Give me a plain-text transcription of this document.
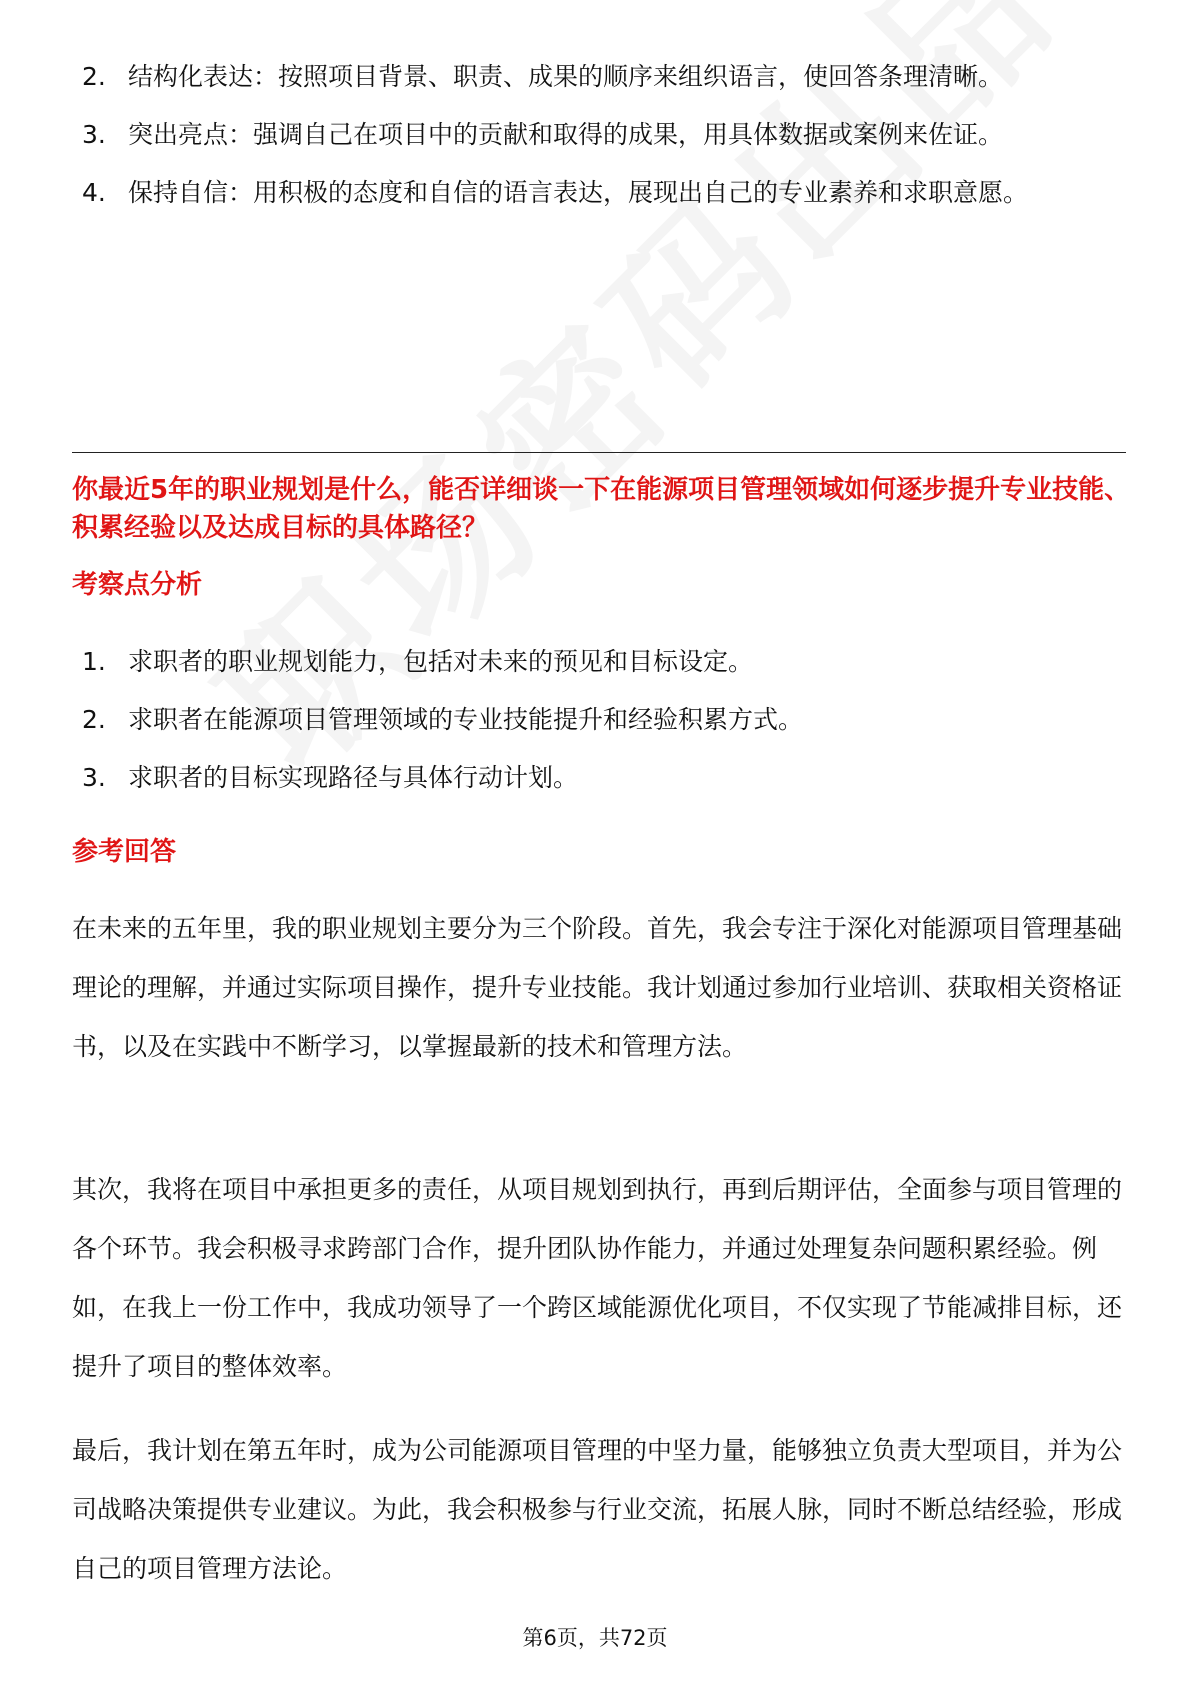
2. 结构化表达：按照项目背景、职责、成果的顺序来组织语言，使回答条理清晰。
3. 突出亮点：强调自己在项目中的贡献和取得的成果，用具体数据或案例来佐证。
4. 保持自信：用积极的态度和自信的语言表达，展现出自己的专业素养和求职意愿。
你最近5年的职业规划是什么，能否详细谈一下在能源项目管理领域如何逐步提升专业技能、积累经验以及达成目标的具体路径？
考察点分析
1. 求职者的职业规划能力，包括对未来的预见和目标设定。
2. 求职者在能源项目管理领域的专业技能提升和经验积累方式。
3. 求职者的目标实现路径与具体行动计划。
参考回答
在未来的五年里，我的职业规划主要分为三个阶段。首先，我会专注于深化对能源项目管理基础理论的理解，并通过实际项目操作，提升专业技能。我计划通过参加行业培训、获取相关资格证书，以及在实践中不断学习，以掌握最新的技术和管理方法。
其次，我将在项目中承担更多的责任，从项目规划到执行，再到后期评估，全面参与项目管理的各个环节。我会积极寻求跨部门合作，提升团队协作能力，并通过处理复杂问题积累经验。例如，在我上一份工作中，我成功领导了一个跨区域能源优化项目，不仅实现了节能减排目标，还提升了项目的整体效率。
最后，我计划在第五年时，成为公司能源项目管理的中坚力量，能够独立负责大型项目，并为公司战略决策提供专业建议。为此，我会积极参与行业交流，拓展人脉，同时不断总结经验，形成自己的项目管理方法论。
第6页，共72页
